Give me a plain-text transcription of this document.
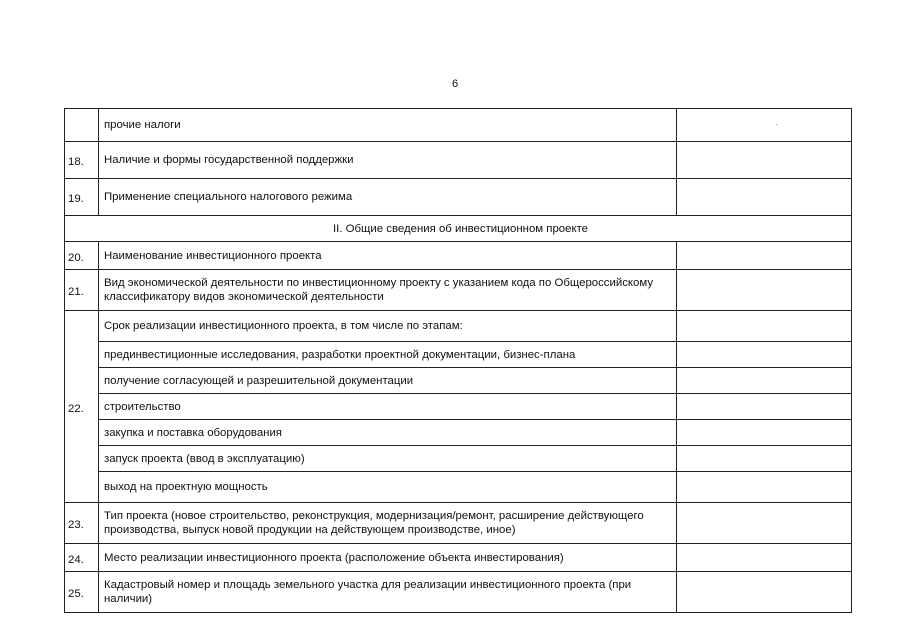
6
	прочие налоги	
18.	Наличие и формы государственной поддержки	
19.	Применение специального налогового режима	
II. Общие сведения об инвестиционном проекте		
20.	Наименование инвестиционного проекта	
21.	Вид экономической деятельности по инвестиционному проекту с указанием кода по Общероссийскому классификатору видов экономической деятельности	
22.	Срок реализации инвестиционного проекта, в том числе по этапам:	
	прединвестиционные исследования, разработки проектной документации, бизнес-плана	
	получение согласующей и разрешительной документации	
	строительство	
	закупка и поставка оборудования	
	запуск проекта (ввод в эксплуатацию)	
	выход на проектную мощность	
23.	Тип проекта (новое строительство, реконструкция, модернизация/ремонт, расширение действующего производства, выпуск новой продукции на действующем производстве, иное)	
24.	Место реализации инвестиционного проекта (расположение объекта инвестирования)	
25.	Кадастровый номер и площадь земельного участка для реализации инвестиционного проекта (при наличии)	
